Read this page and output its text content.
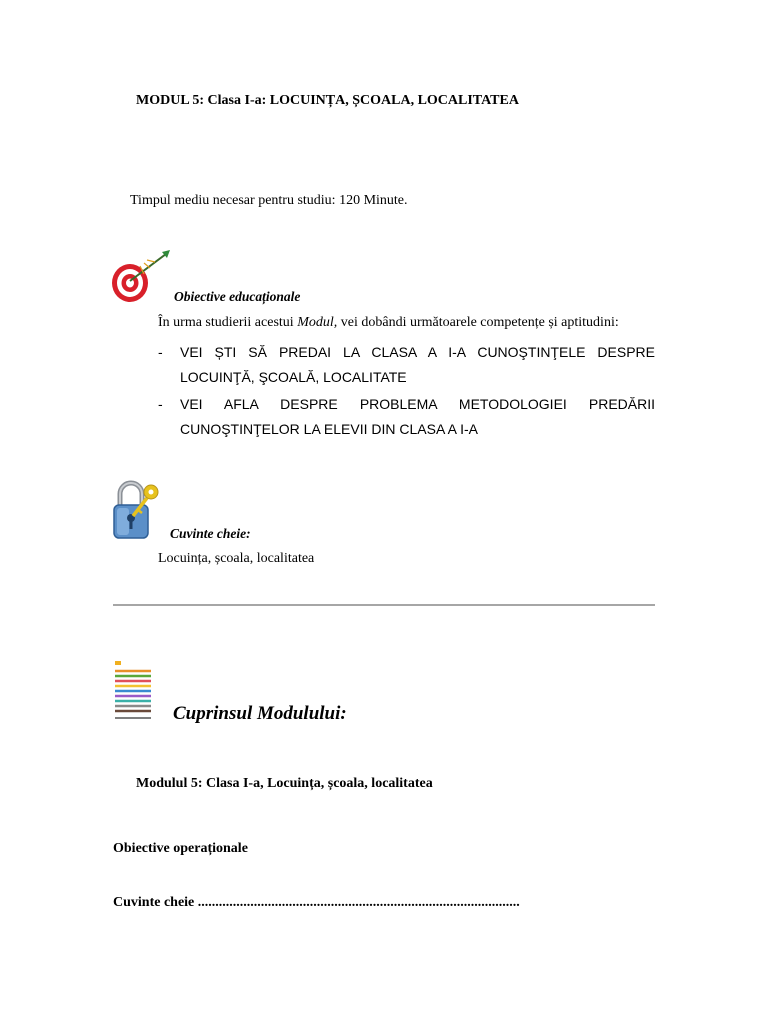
MODUL 5: Clasa I-a: LOCUINȚA, ȘCOALA, LOCALITATEA
Timpul mediu necesar pentru studiu: 120 Minute.
Obiective educaționale
În urma studierii acestui Modul, vei dobândi următoarele competențe și aptitudini:
- VEI ȘTI SĂ PREDAI LA CLASA A I-A CUNOŞTINŢELE DESPRE LOCUINŢĂ, ŞCOALĂ, LOCALITATE
- VEI AFLA DESPRE PROBLEMA METODOLOGIEI PREDĂRII CUNOŞTINŢELOR LA ELEVII DIN CLASA A I-A
Cuvinte cheie:
Locuința, școala, localitatea
Cuprinsul Modulului:
Modulul 5: Clasa I-a, Locuința, școala, localitatea
Obiective operaționale
Cuvinte cheie ............................................................................................
